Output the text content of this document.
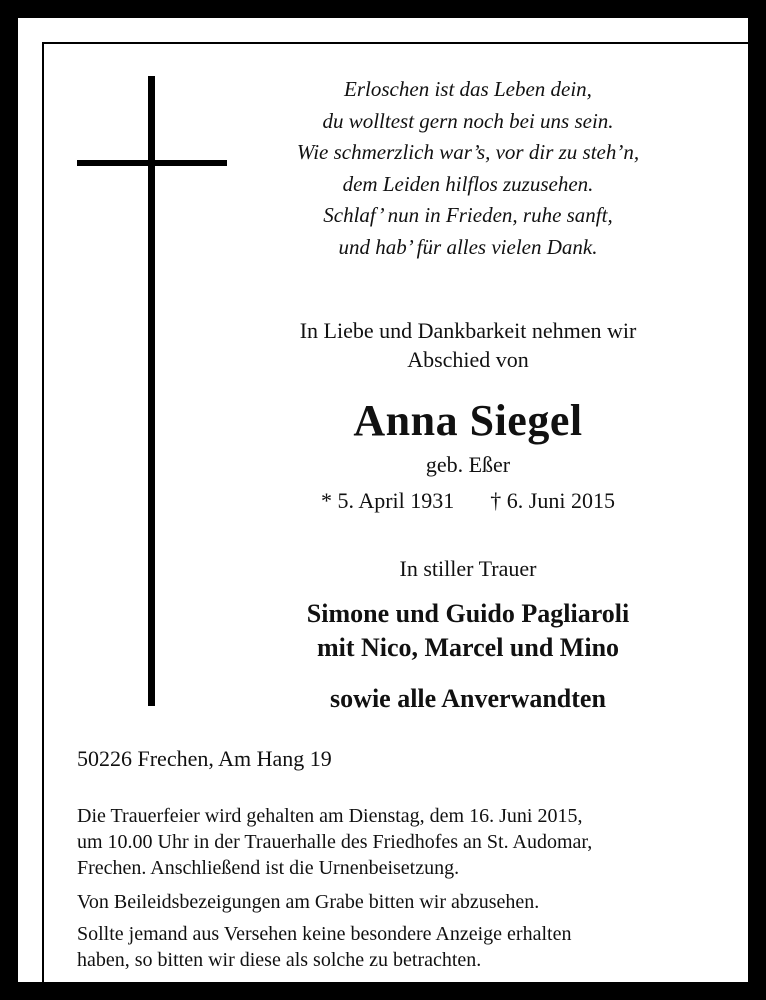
Erloschen ist das Leben dein,
du wolltest gern noch bei uns sein.
Wie schmerzlich war’s, vor dir zu steh’n,
dem Leiden hilflos zuzusehen.
Schlaf’ nun in Frieden, ruhe sanft,
und hab’ für alles vielen Dank.
In Liebe und Dankbarkeit nehmen wir
Abschied von
Anna Siegel
geb. Eßer
* 5. April 1931 † 6. Juni 2015
In stiller Trauer
Simone und Guido Pagliaroli
mit Nico, Marcel und Mino
sowie alle Anverwandten
50226 Frechen, Am Hang 19
Die Trauerfeier wird gehalten am Dienstag, dem 16. Juni 2015,
um 10.00 Uhr in der Trauerhalle des Friedhofes an St. Audomar,
Frechen. Anschließend ist die Urnenbeisetzung.
Von Beileidsbezeigungen am Grabe bitten wir abzusehen.
Sollte jemand aus Versehen keine besondere Anzeige erhalten
haben, so bitten wir diese als solche zu betrachten.
